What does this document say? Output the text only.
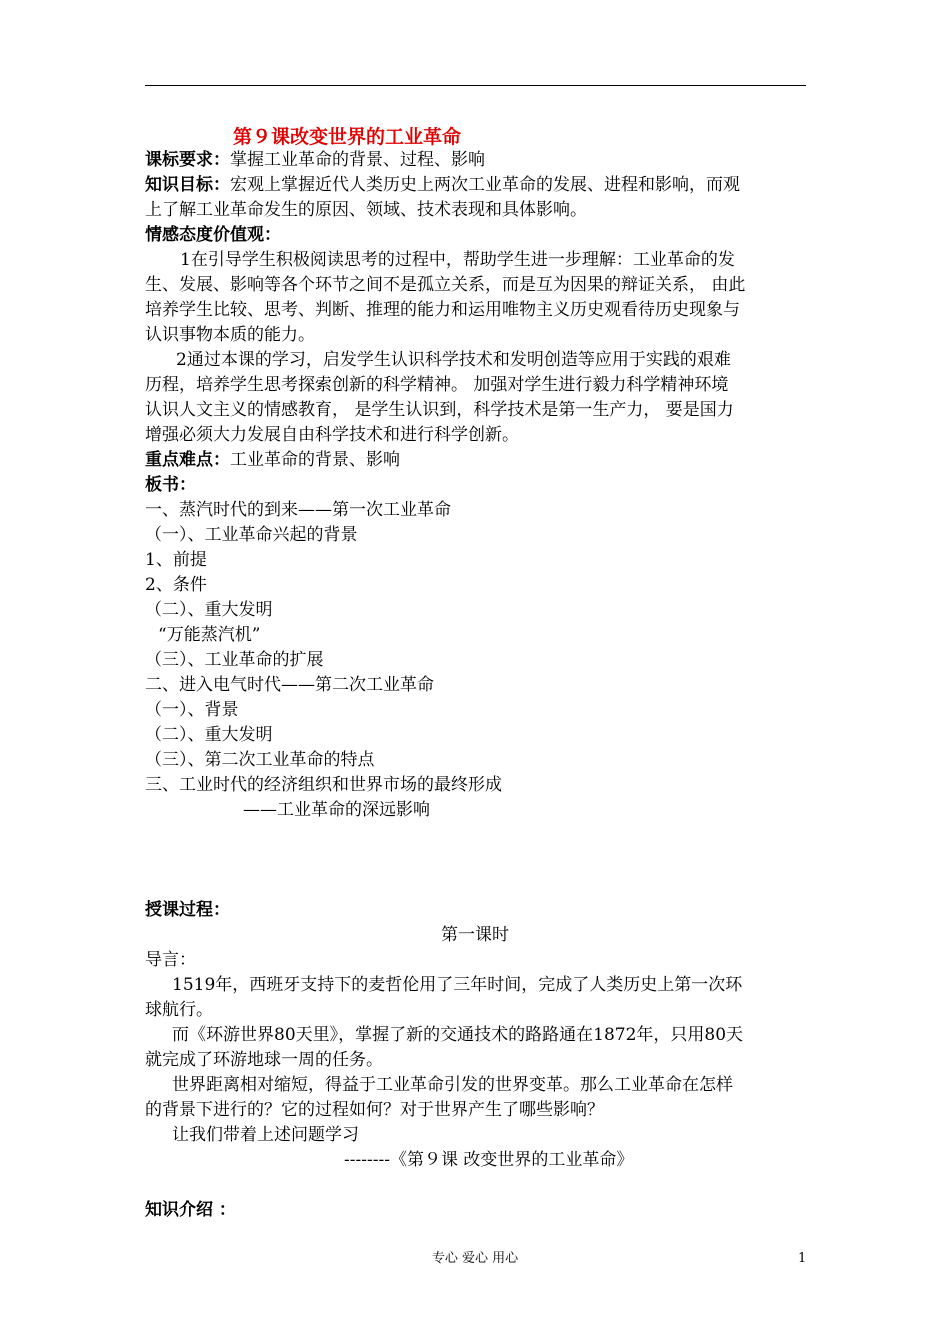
第９课改变世界的工业革命
课标要求：掌握工业革命的背景、过程、影响
知识目标：宏观上掌握近代人类历史上两次工业革命的发展、进程和影响，而观
上了解工业革命发生的原因、领域、技术表现和具体影响。
情感态度价值观：
1在引导学生积极阅读思考的过程中，帮助学生进一步理解：工业革命的发
生、发展、影响等各个环节之间不是孤立关系，而是互为因果的辩证关系， 由此
培养学生比较、思考、判断、推理的能力和运用唯物主义历史观看待历史现象与
认识事物本质的能力。
2通过本课的学习，启发学生认识科学技术和发明创造等应用于实践的艰难
历程，培养学生思考探索创新的科学精神。 加强对学生进行毅力科学精神环境
认识人文主义的情感教育， 是学生认识到，科学技术是第一生产力， 要是国力
增强必须大力发展自由科学技术和进行科学创新。
重点难点：工业革命的背景、影响
板书：
一、蒸汽时代的到来——第一次工业革命
（一）、工业革命兴起的背景
1、前提
2、条件
（二）、重大发明
“万能蒸汽机”
（三）、工业革命的扩展
二、进入电气时代——第二次工业革命
（一）、背景
（二）、重大发明
（三）、第二次工业革命的特点
三、工业时代的经济组织和世界市场的最终形成
——工业革命的深远影响
授课过程：
第一课时
导言：
1519年，西班牙支持下的麦哲伦用了三年时间，完成了人类历史上第一次环
球航行。
而《环游世界80天里》，掌握了新的交通技术的路路通在1872年，只用80天
就完成了环游地球一周的任务。
世界距离相对缩短，得益于工业革命引发的世界变革。那么工业革命在怎样
的背景下进行的？它的过程如何？对于世界产生了哪些影响？
让我们带着上述问题学习
--------《第９课 改变世界的工业革命》
知识介绍 ：
专心 爱心 用心	1
